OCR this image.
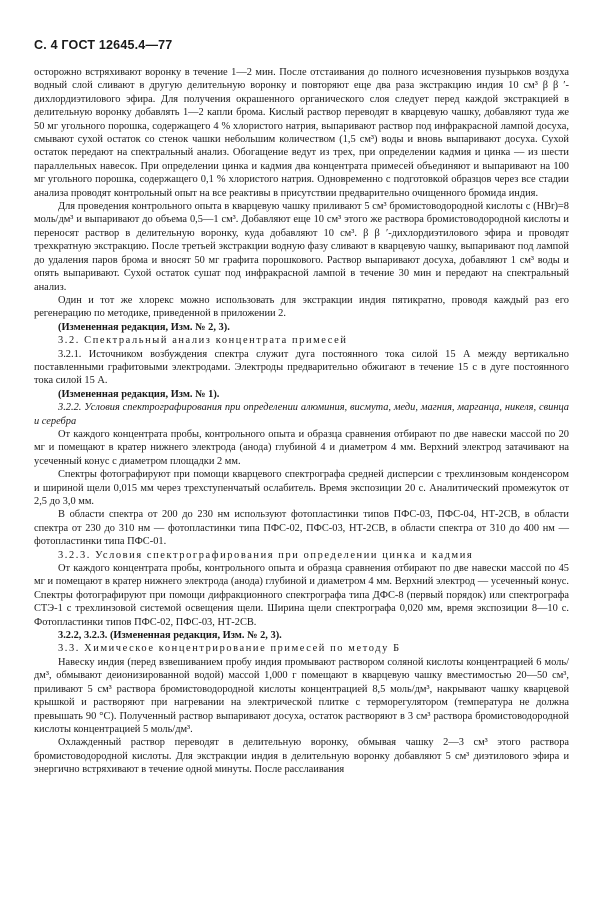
С. 4 ГОСТ 12645.4—77

осторожно встряхивают воронку в течение 1—2 мин. После отстаивания до полного исчезновения пузырьков воздуха водный слой сливают в другую делительную воронку и повторяют еще два раза экстракцию индия 10 см³ β β ′-дихлордиэтилового эфира. Для получения окрашенного органического слоя следует перед каждой экстракцией в делительную воронку добавлять 1—2 капли брома. Кислый раствор переводят в кварцевую чашку, добавляют туда же 50 мг угольного порошка, содержащего 4 % хлористого натрия, выпаривают раствор под инфракрасной лампой досуха, смывают сухой остаток со стенок чашки небольшим количеством (1,5 см³) воды и вновь выпаривают досуха. Сухой остаток передают на спектральный анализ. Обогащение ведут из трех, при определении кадмия и цинка — из шести параллельных навесок. При определении цинка и кадмия два концентрата примесей объединяют и выпаривают на 100 мг угольного порошка, содержащего 0,1 % хлористого натрия. Одновременно с подготовкой образцов через все стадии анализа проводят контрольный опыт на все реактивы в присутствии предварительно очищенного бромида индия.

Для проведения контрольного опыта в кварцевую чашку приливают 5 см³ бромистоводородной кислоты с (HBr)=8 моль/дм³ и выпаривают до объема 0,5—1 см³. Добавляют еще 10 см³ этого же раствора бромистоводородной кислоты и переносят раствор в делительную воронку, куда добавляют 10 см³. β β ′-дихлордиэтилового эфира и проводят трехкратную экстракцию. После третьей экстракции водную фазу сливают в кварцевую чашку, выпаривают под лампой до удаления паров брома и вносят 50 мг графита порошкового. Раствор выпаривают досуха, добавляют 1 см³ воды и опять выпаривают. Сухой остаток сушат под инфракрасной лампой в течение 30 мин и передают на спектральный анализ.

Один и тот же хлорекс можно использовать для экстракции индия пятикратно, проводя каждый раз его регенерацию по методике, приведенной в приложении 2.

(Измененная редакция, Изм. № 2, 3).

3.2. Спектральный анализ концентрата примесей

3.2.1. Источником возбуждения спектра служит дуга постоянного тока силой 15 А между вертикально поставленными графитовыми электродами. Электроды предварительно обжигают в течение 15 с в дуге постоянного тока силой 15 А.

(Измененная редакция, Изм. № 1).

3.2.2. Условия спектрографирования при определении алюминия, висмута, меди, магния, марганца, никеля, свинца и серебра

От каждого концентрата пробы, контрольного опыта и образца сравнения отбирают по две навески массой по 20 мг и помещают в кратер нижнего электрода (анода) глубиной 4 и диаметром 4 мм. Верхний электрод затачивают на усеченный конус с диаметром площадки 2 мм.

Спектры фотографируют при помощи кварцевого спектрографа средней дисперсии с трехлинзовым конденсором и шириной щели 0,015 мм через трехступенчатый ослабитель. Время экспозиции 20 с. Аналитический промежуток от 2,5 до 3,0 мм.

В области спектра от 200 до 230 нм используют фотопластинки типов ПФС-03, ПФС-04, НТ-2СВ, в области спектра от 230 до 310 нм — фотопластинки типа ПФС-02, ПФС-03, НТ-2СВ, в области спектра от 310 до 400 нм — фотопластинки типа ПФС-01.

3.2.3. Условия спектрографирования при определении цинка и кадмия

От каждого концентрата пробы, контрольного опыта и образца сравнения отбирают по две навески массой по 45 мг и помещают в кратер нижнего электрода (анода) глубиной и диаметром 4 мм. Верхний электрод — усеченный конус. Спектры фотографируют при помощи дифракционного спектрографа типа ДФС-8 (первый порядок) или спектрографа СТЭ-1 с трехлинзовой системой освещения щели. Ширина щели спектрографа 0,020 мм, время экспозиции 8—10 с. Фотопластинки типов ПФС-02, ПФС-03, НТ-2СВ.

3.2.2, 3.2.3. (Измененная редакция, Изм. № 2, 3).

3.3. Химическое концентрирование примесей по методу Б

Навеску индия (перед взвешиванием пробу индия промывают раствором соляной кислоты концентрацией 6 моль/дм³, обмывают деионизированной водой) массой 1,000 г помещают в кварцевую чашку вместимостью 20—50 см³, приливают 5 см³ раствора бромистоводородной кислоты концентрацией 8,5 моль/дм³, накрывают чашку кварцевой крышкой и растворяют при нагревании на электрической плитке с терморегулятором (температура не должна превышать 90 °С). Полученный раствор выпаривают досуха, остаток растворяют в 3 см³ раствора бромистоводородной кислоты концентрацией 5 моль/дм³.

Охлажденный раствор переводят в делительную воронку, обмывая чашку 2—3 см³ этого раствора бромистоводородной кислоты. Для экстракции индия в делительную воронку добавляют 5 см³ диэтилового эфира и энергично встряхивают в течение одной минуты. После расслаивания
